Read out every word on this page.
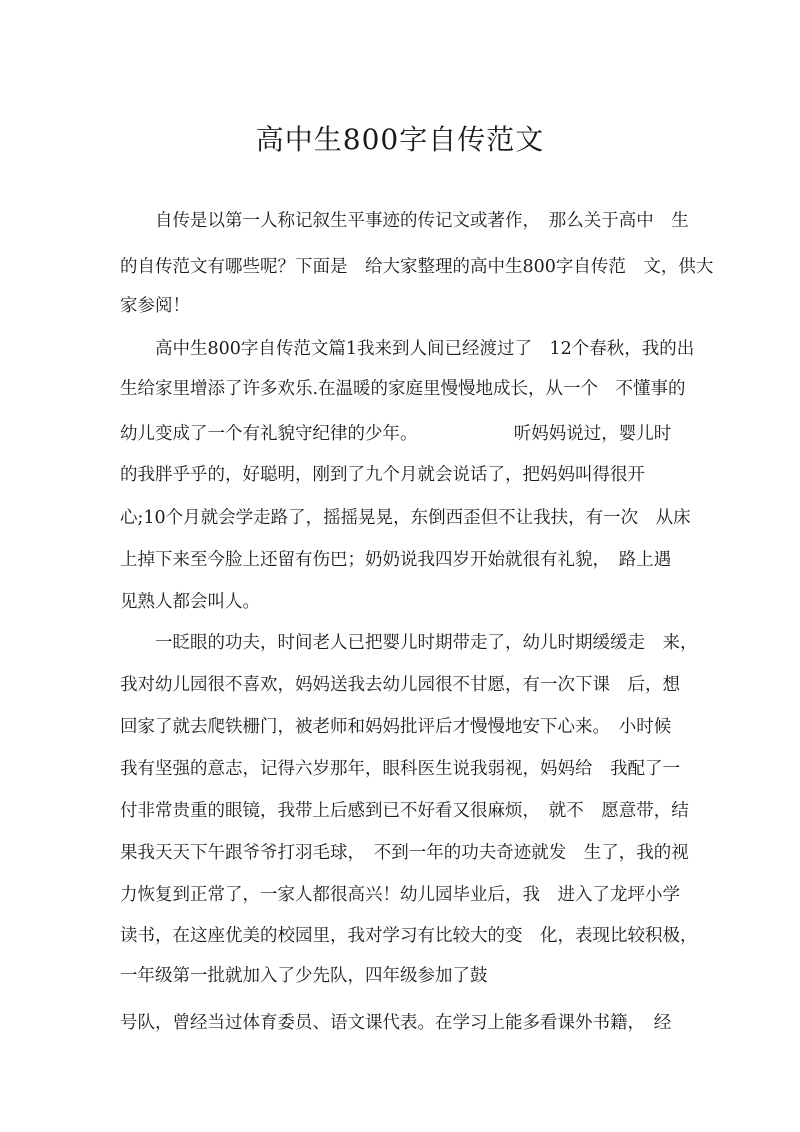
高中生800字自传范文
　　自传是以第一人称记叙生平事迹的传记文或著作，　那么关于高中　生
的自传范文有哪些呢？下面是　给大家整理的高中生800字自传范　文，供大
家参阅！
　　高中生800字自传范文篇1我来到人间已经渡过了　12个春秋，我的出
生给家里增添了许多欢乐.在温暖的家庭里慢慢地成长，从一个　不懂事的
幼儿变成了一个有礼貌守纪律的少年。　　　　　　听妈妈说过，婴儿时
的我胖乎乎的，好聪明，刚到了九个月就会说话了，把妈妈叫得很开
心;10个月就会学走路了，摇摇晃晃，东倒西歪但不让我扶，有一次　从床
上掉下来至今脸上还留有伤巴；奶奶说我四岁开始就很有礼貌，　路上遇
见熟人都会叫人。
　　一眨眼的功夫，时间老人已把婴儿时期带走了，幼儿时期缓缓走　来，
我对幼儿园很不喜欢，妈妈送我去幼儿园很不甘愿，有一次下课　后，想
回家了就去爬铁栅门，被老师和妈妈批评后才慢慢地安下心来。　小时候
我有坚强的意志，记得六岁那年，眼科医生说我弱视，妈妈给　我配了一
付非常贵重的眼镜，我带上后感到已不好看又很麻烦，　就不　愿意带，结
果我天天下午跟爷爷打羽毛球，　不到一年的功夫奇迹就发　生了，我的视
力恢复到正常了，一家人都很高兴！幼儿园毕业后，我　进入了龙坪小学
读书，在这座优美的校园里，我对学习有比较大的变　化，表现比较积极，
一年级第一批就加入了少先队，四年级参加了鼓
号队，曾经当过体育委员、语文课代表。在学习上能多看课外书籍，　经
